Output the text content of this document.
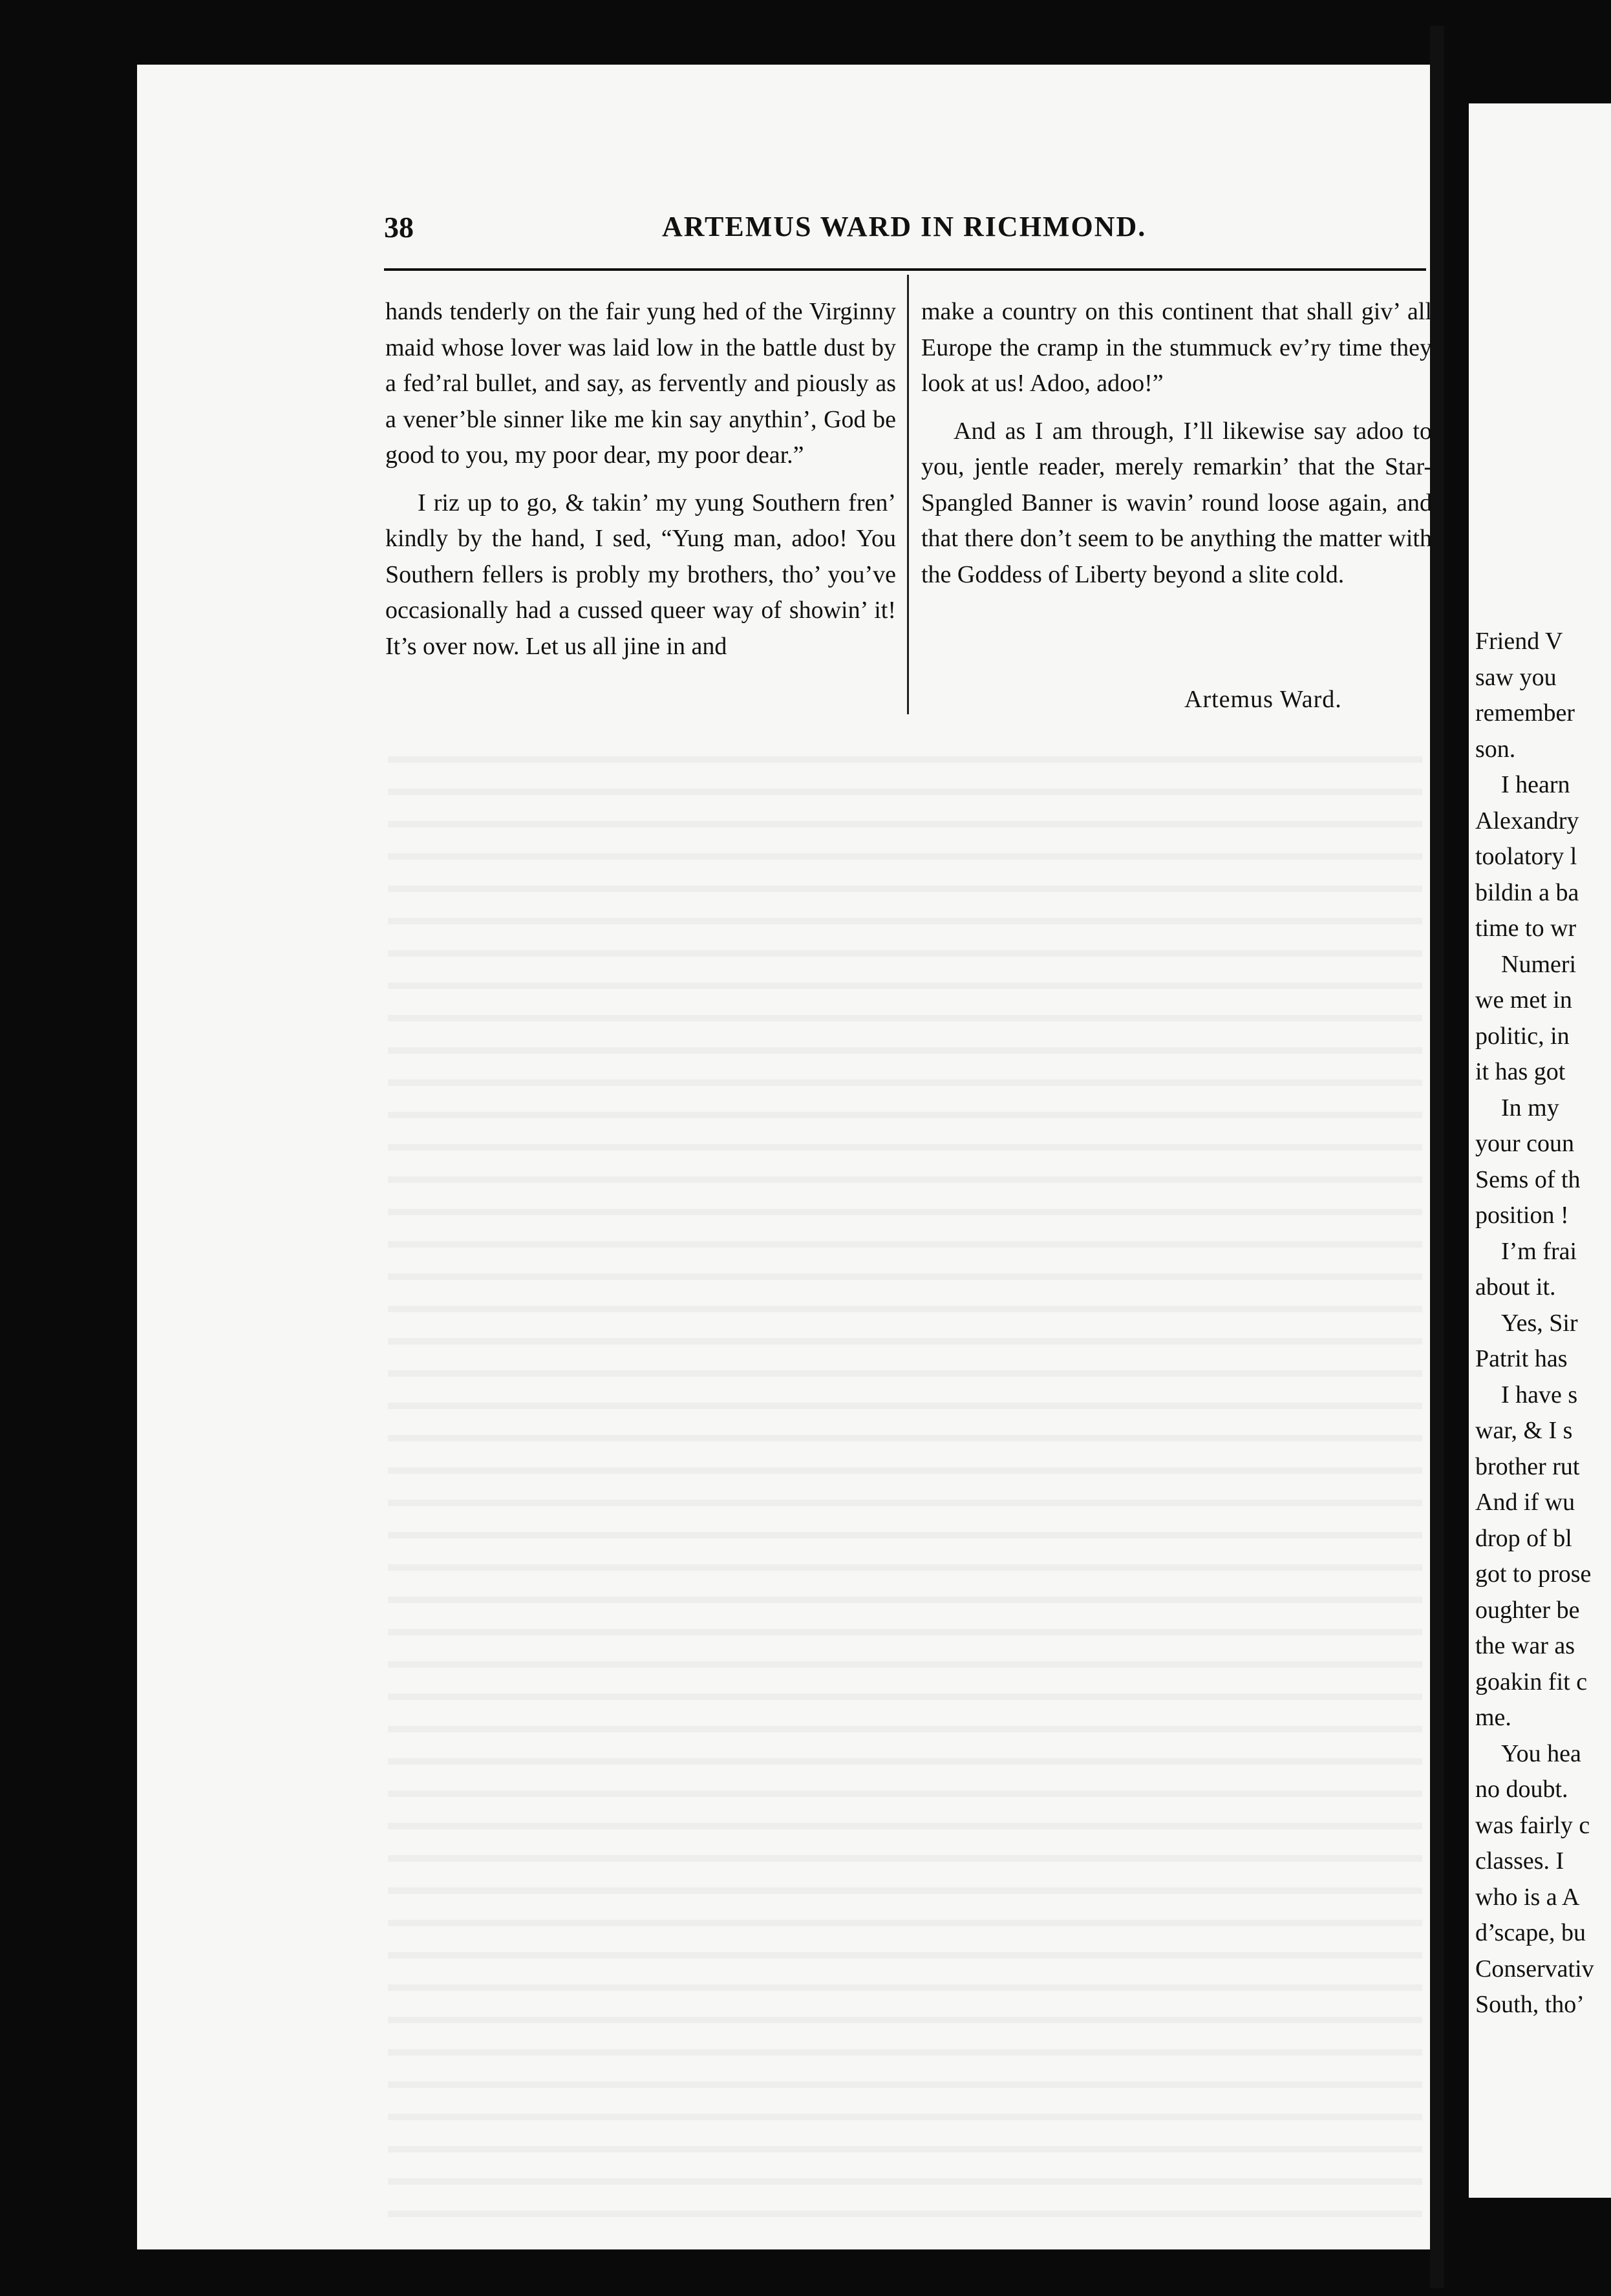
Friend V
saw you
remember
son.
I hearn
Alexandry
toolatory l
bildin a ba
time to wr
Numeri
we met in
politic, in
it has got
In my
your coun
Sems of th
position !
I’m frai
about it.
Yes, Sir
Patrit has
I have s
war, & I s
brother rut
And if wu
drop of bl
got to prose
oughter be
the war as
goakin fit c
me.
You hea
no doubt.
was fairly c
classes. I
who is a A
d’scape, bu
Conservativ
South, tho’
38	ARTEMUS WARD IN RICHMOND.

hands tenderly on the fair yung hed of the Virginny maid whose lover was laid low in the battle dust by a fed’ral bullet, and say, as fervently and piously as a vener’ble sinner like me kin say anythin’, God be good to you, my poor dear, my poor dear.”

I riz up to go, & takin’ my yung Southern fren’ kindly by the hand, I sed, “Yung man, adoo! You Southern fellers is probly my brothers, tho’ you’ve occasionally had a cussed queer way of showin’ it! It’s over now. Let us all jine in and

make a country on this continent that shall giv’ all Europe the cramp in the stummuck ev’ry time they look at us! Adoo, adoo!”

And as I am through, I’ll likewise say adoo to you, jentle reader, merely remarkin’ that the Star-Spangled Banner is wavin’ round loose again, and that there don’t seem to be anything the matter with the Goddess of Liberty beyond a slite cold.

Artemus Ward.
